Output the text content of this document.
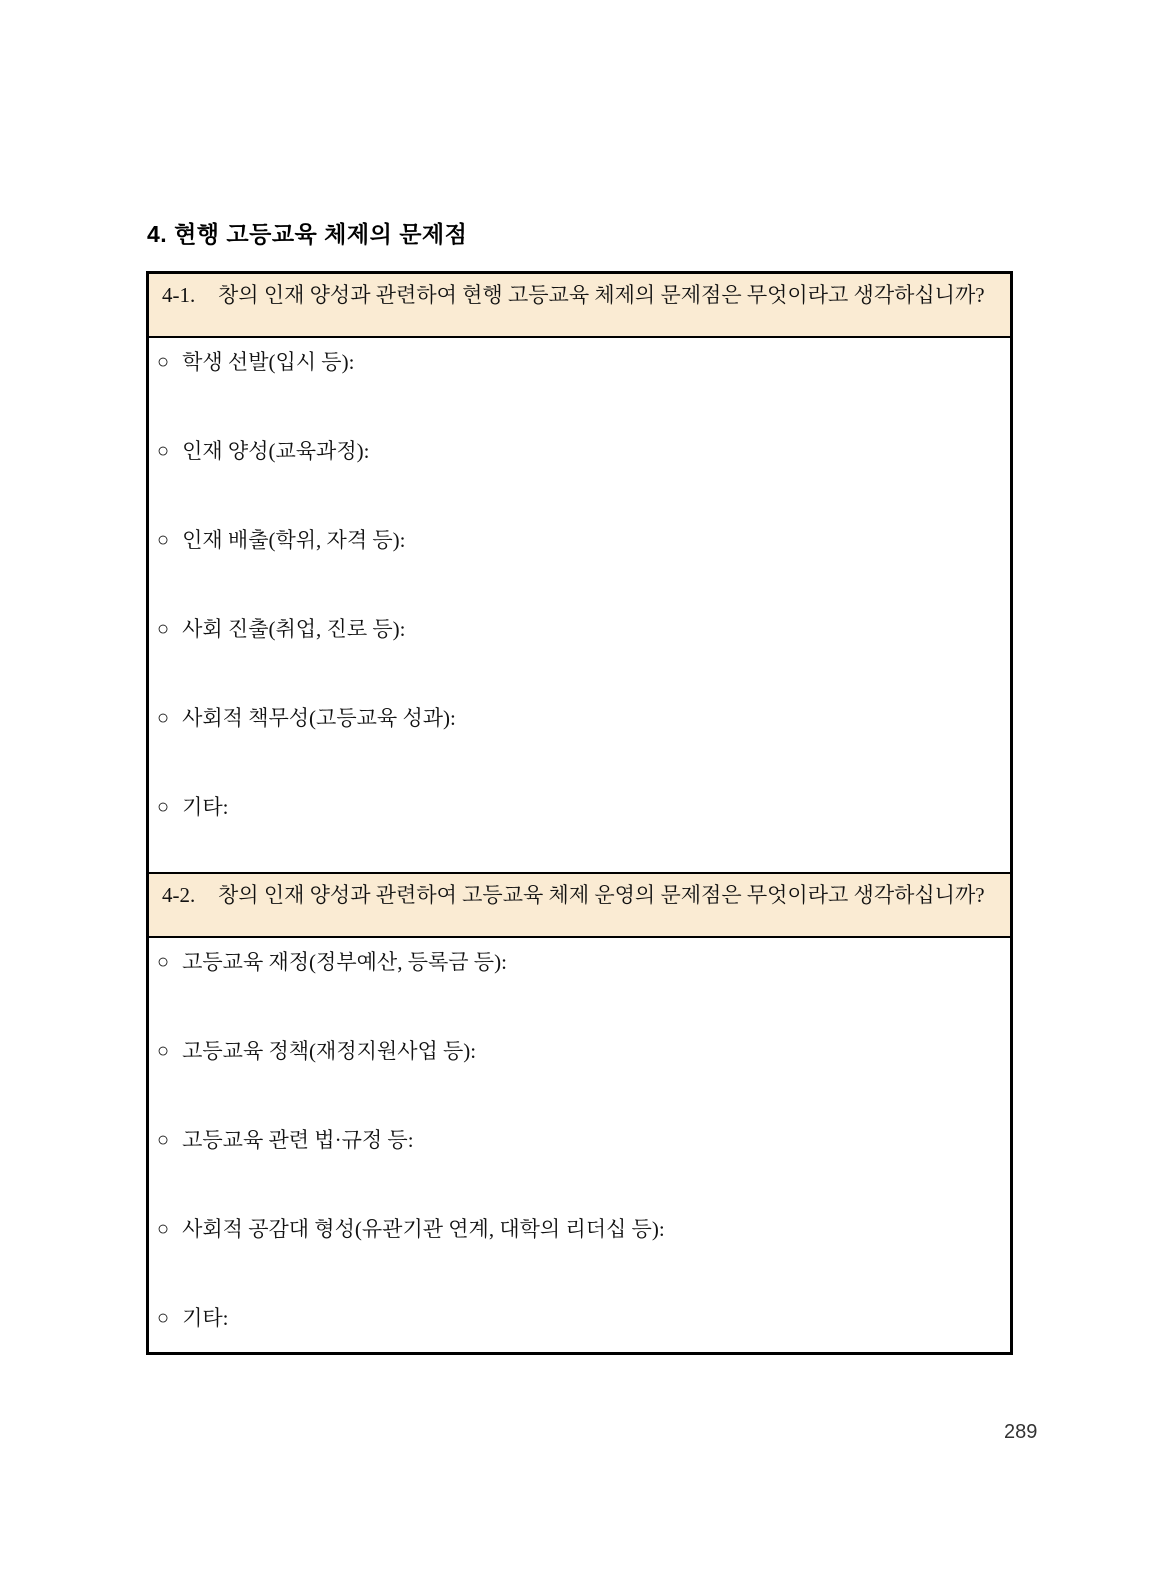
4. 현행 고등교육 체제의 문제점
4-1.	창의 인재 양성과 관련하여 현행 고등교육 체제의 문제점은 무엇이라고 생각하십니까?
○ 학생 선발(입시 등):
○ 인재 양성(교육과정):
○ 인재 배출(학위, 자격 등):
○ 사회 진출(취업, 진로 등):
○ 사회적 책무성(고등교육 성과):
○ 기타:
4-2.	창의 인재 양성과 관련하여 고등교육 체제 운영의 문제점은 무엇이라고 생각하십니까?
○ 고등교육 재정(정부예산, 등록금 등):
○ 고등교육 정책(재정지원사업 등):
○ 고등교육 관련 법·규정 등:
○ 사회적 공감대 형성(유관기관 연계, 대학의 리더십 등):
○ 기타:
289
